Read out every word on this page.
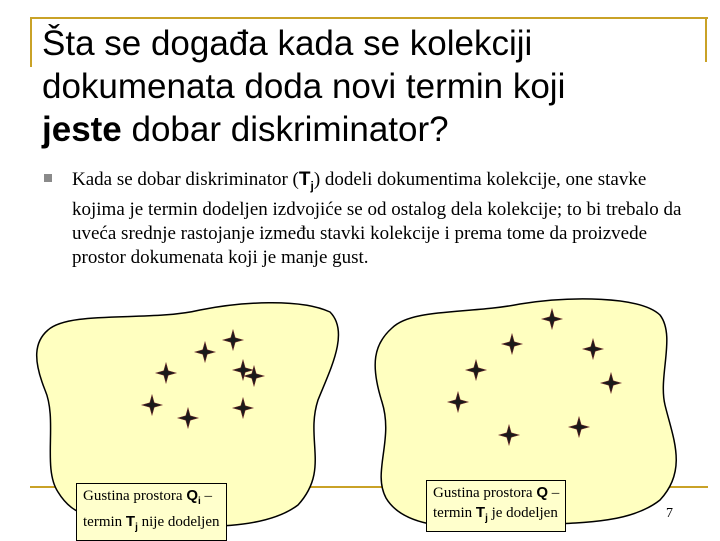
Šta se događa kada se kolekciji
dokumenata doda novi termin koji
jeste dobar diskriminator?
Kada se dobar diskriminator $(T_j)$ dodeli dokumentima kolekcije, one stavke kojima je termin dodeljen izdvojiće se od ostalog dela kolekcije; to bi trebalo da uveća srednje rastojanje između stavki kolekcije i prema tome da proizvede prostor dokumenata koji je manje gust.
Gustina prostora $Q_i$ –
termin $T_j$ nije dodeljen
Gustina prostora Q –
termin $T_j$ je dodeljen	7
